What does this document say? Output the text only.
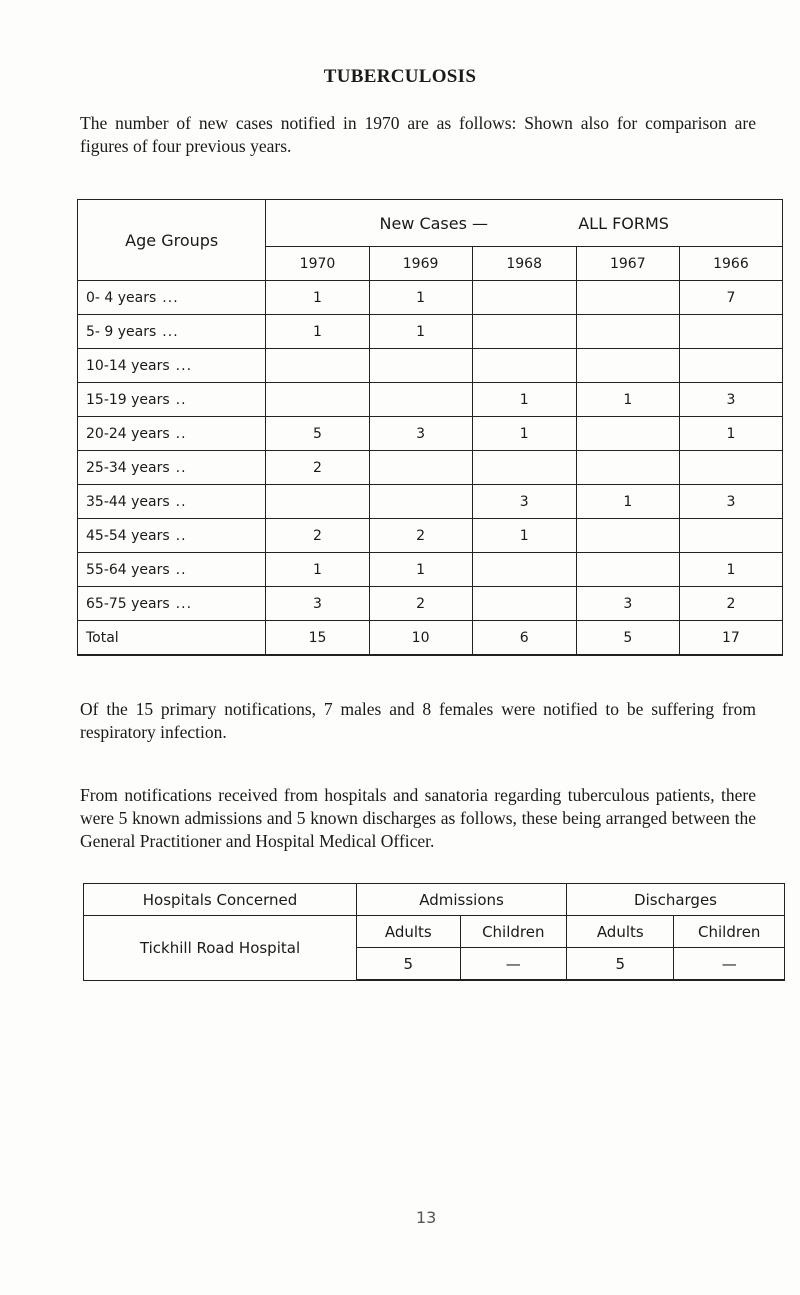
TUBERCULOSIS
The number of new cases notified in 1970 are as follows: Shown also for comparison are figures of four previous years.
Age Groups	New Cases — ALL FORMS				
	1970	1969	1968	1967	1966
0- 4 years ...	1	1			7
5- 9 years ...	1	1			
10-14 years ...					
15-19 years ..			1	1	3
20-24 years ..	5	3	1		1
25-34 years ..	2				
35-44 years ..			3	1	3
45-54 years ..	2	2	1		
55-64 years ..	1	1			1
65-75 years ...	3	2		3	2
Total	15	10	6	5	17
Of the 15 primary notifications, 7 males and 8 females were notified to be suffering from respiratory infection.
From notifications received from hospitals and sanatoria regarding tuberculous patients, there were 5 known admissions and 5 known discharges as follows, these being arranged between the General Practitioner and Hospital Medical Officer.
Hospitals Concerned	Admissions		Discharges	
Tickhill Road Hospital	Adults	Children	Adults	Children
	5	—	5	—
13
